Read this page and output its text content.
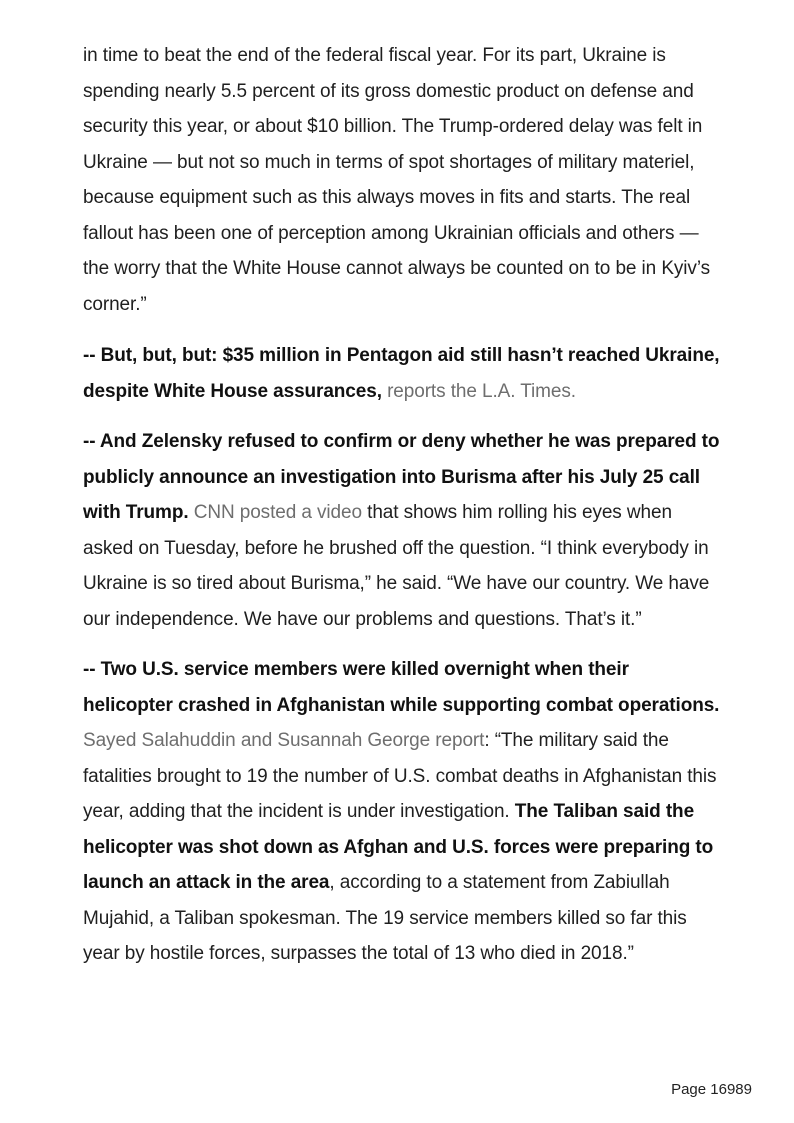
in time to beat the end of the federal fiscal year. For its part, Ukraine is spending nearly 5.5 percent of its gross domestic product on defense and security this year, or about $10 billion. The Trump-ordered delay was felt in Ukraine — but not so much in terms of spot shortages of military materiel, because equipment such as this always moves in fits and starts. The real fallout has been one of perception among Ukrainian officials and others — the worry that the White House cannot always be counted on to be in Kyiv’s corner.”

-- But, but, but: $35 million in Pentagon aid still hasn’t reached Ukraine, despite White House assurances, reports the L.A. Times.

-- And Zelensky refused to confirm or deny whether he was prepared to publicly announce an investigation into Burisma after his July 25 call with Trump. CNN posted a video that shows him rolling his eyes when asked on Tuesday, before he brushed off the question. “I think everybody in Ukraine is so tired about Burisma,” he said. “We have our country. We have our independence. We have our problems and questions. That’s it.”

-- Two U.S. service members were killed overnight when their helicopter crashed in Afghanistan while supporting combat operations. Sayed Salahuddin and Susannah George report: “The military said the fatalities brought to 19 the number of U.S. combat deaths in Afghanistan this year, adding that the incident is under investigation. The Taliban said the helicopter was shot down as Afghan and U.S. forces were preparing to launch an attack in the area, according to a statement from Zabiullah Mujahid, a Taliban spokesman. The 19 service members killed so far this year by hostile forces, surpasses the total of 13 who died in 2018.”

Page 16989
